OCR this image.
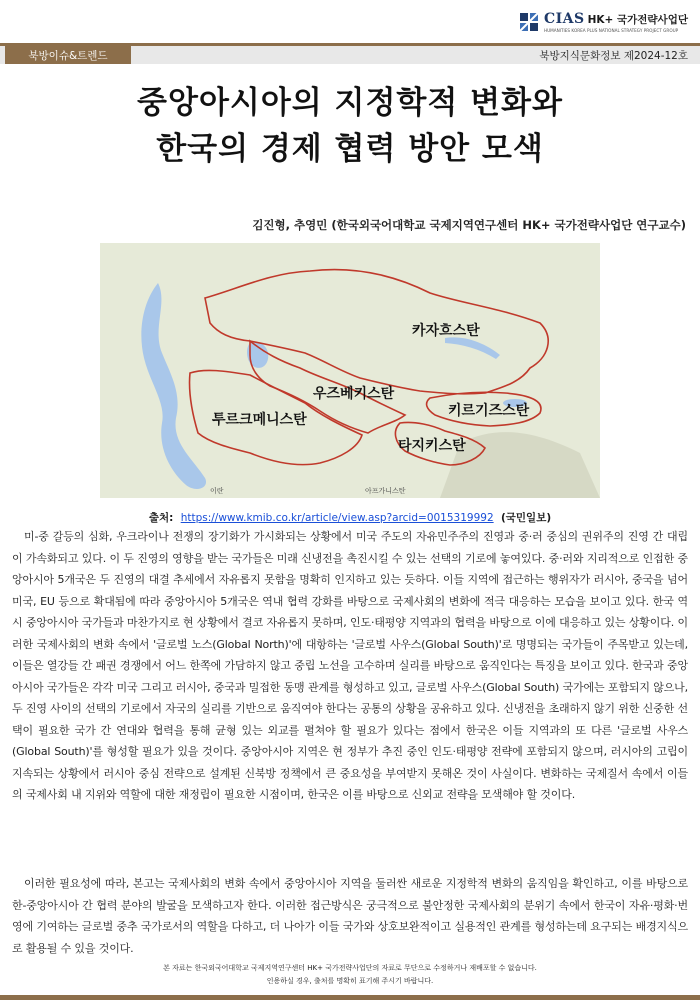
CIAS HK+ 국가전략사업단
HUMANITIES KOREA PLUS NATIONAL STRATEGY PROJECT GROUP
북방이슈&트렌드	북방지식문화정보 제2024-12호
중앙아시아의 지정학적 변화와
한국의 경제 협력 방안 모색
김진형, 추영민 (한국외국어대학교 국제지역연구센터 HK+ 국가전략사업단 연구교수)
카자흐스탄
우즈베키스탄
투르크메니스탄
키르기즈스탄
타지키스탄
이란	아프가니스탄
출처: https://www.kmib.co.kr/article/view.asp?arcid=0015319992 (국민일보)

미-중 갈등의 심화, 우크라이나 전쟁의 장기화가 가시화되는 상황에서 미국 주도의 자유민주주의 진영과 중·러 중심의 권위주의 진영 간 대립이 가속화되고 있다. 이 두 진영의 영향을 받는 국가들은 미래 신냉전을 촉진시킬 수 있는 선택의 기로에 놓여있다. 중·러와 지리적으로 인접한 중앙아시아 5개국은 두 진영의 대결 추세에서 자유롭지 못함을 명확히 인지하고 있는 듯하다. 이들 지역에 접근하는 행위자가 러시아, 중국을 넘어 미국, EU 등으로 확대됨에 따라 중앙아시아 5개국은 역내 협력 강화를 바탕으로 국제사회의 변화에 적극 대응하는 모습을 보이고 있다. 한국 역시 중앙아시아 국가들과 마찬가지로 현 상황에서 결코 자유롭지 못하며, 인도·태평양 지역과의 협력을 바탕으로 이에 대응하고 있는 상황이다. 이러한 국제사회의 변화 속에서 '글로벌 노스(Global North)'에 대항하는 '글로벌 사우스(Global South)'로 명명되는 국가들이 주목받고 있는데, 이들은 열강들 간 패권 경쟁에서 어느 한쪽에 가담하지 않고 중립 노선을 고수하며 실리를 바탕으로 움직인다는 특징을 보이고 있다. 한국과 중앙아시아 국가들은 각각 미국 그리고 러시아, 중국과 밀접한 동맹 관계를 형성하고 있고, 글로벌 사우스(Global South) 국가에는 포함되지 않으나, 두 진영 사이의 선택의 기로에서 자국의 실리를 기반으로 움직여야 한다는 공통의 상황을 공유하고 있다. 신냉전을 초래하지 않기 위한 신중한 선택이 필요한 국가 간 연대와 협력을 통해 균형 있는 외교를 펼쳐야 할 필요가 있다는 점에서 한국은 이들 지역과의 또 다른 '글로벌 사우스(Global South)'를 형성할 필요가 있을 것이다. 중앙아시아 지역은 현 정부가 추진 중인 인도·태평양 전략에 포함되지 않으며, 러시아의 고립이 지속되는 상황에서 러시아 중심 전략으로 설계된 신북방 정책에서 큰 중요성을 부여받지 못해온 것이 사실이다. 변화하는 국제질서 속에서 이들의 국제사회 내 지위와 역할에 대한 재정립이 필요한 시점이며, 한국은 이를 바탕으로 신외교 전략을 모색해야 할 것이다.

이러한 필요성에 따라, 본고는 국제사회의 변화 속에서 중앙아시아 지역을 둘러싼 새로운 지정학적 변화의 움직임을 확인하고, 이를 바탕으로 한-중앙아시아 간 협력 분야의 발굴을 모색하고자 한다. 이러한 접근방식은 궁극적으로 불안정한 국제사회의 분위기 속에서 한국이 자유·평화·번영에 기여하는 글로벌 중추 국가로서의 역할을 다하고, 더 나아가 이들 국가와 상호보완적이고 실용적인 관계를 형성하는데 요구되는 배경지식으로 활용될 수 있을 것이다.

본 자료는 한국외국어대학교 국제지역연구센터 HK+ 국가전략사업단의 자료로 무단으로 수정하거나 재배포할 수 없습니다.
인용하실 경우, 출처를 명확히 표기해 주시기 바랍니다.
